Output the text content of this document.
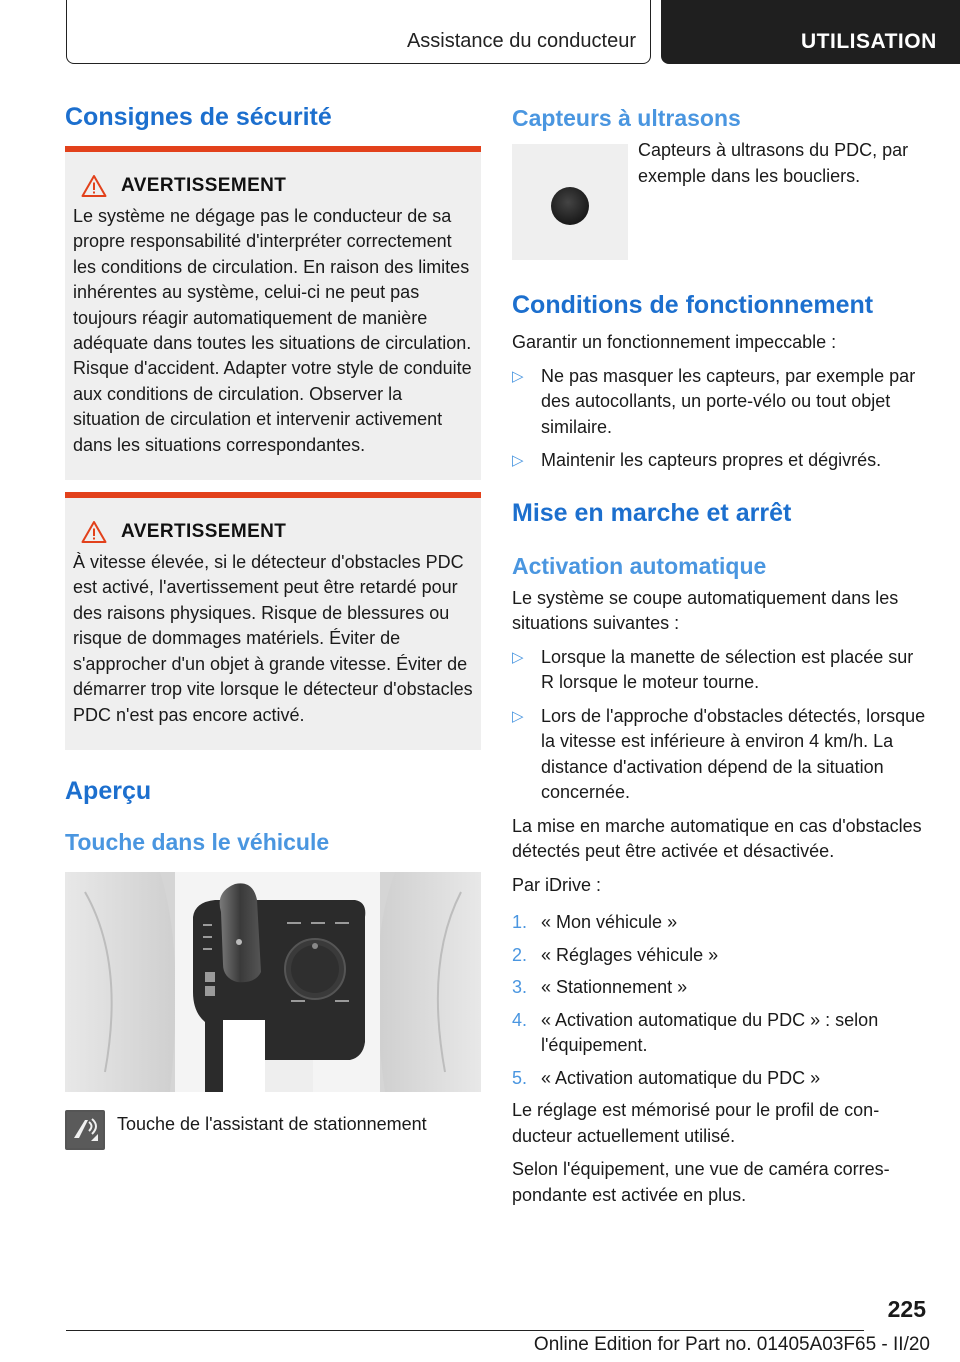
Assistance du conducteur	UTILISATION
Consignes de sécurité
AVERTISSEMENT

Le système ne dégage pas le conducteur de sa propre responsabilité d'interpréter correctement les conditions de circulation. En raison des limites inhérentes au système, celui-ci ne peut pas toujours réagir automatiquement de manière adéquate dans toutes les situations de circulation. Risque d'accident. Adapter votre style de conduite aux conditions de circulation. Observer la situation de circulation et intervenir activement dans les situations correspondantes.

AVERTISSEMENT

À vitesse élevée, si le détecteur d'obstacles PDC est activé, l'avertissement peut être retardé pour des raisons physiques. Risque de blessures ou risque de dommages matériels. Éviter de s'approcher d'un objet à grande vitesse. Éviter de démarrer trop vite lorsque le détecteur d'obstacles PDC n'est pas encore activé.

Aperçu
Touche dans le véhicule
Touche de l'assistant de stationnement
Capteurs à ultrasons

Capteurs à ultrasons du PDC, par exemple dans les boucliers.

Conditions de fonctionnement

Garantir un fonctionnement impeccable :

▷ Ne pas masquer les capteurs, par exemple par des autocollants, un porte-vélo ou tout objet similaire.
▷ Maintenir les capteurs propres et dégivrés.
Mise en marche et arrêt
Activation automatique

Le système se coupe automatiquement dans les situations suivantes :

▷ Lorsque la manette de sélection est placée sur R lorsque le moteur tourne.
▷ Lors de l'approche d'obstacles détectés, lorsque la vitesse est inférieure à environ 4 km/h. La distance d'activation dépend de la situation concernée.

La mise en marche automatique en cas d'obstacles détectés peut être activée et désactivée.

Par iDrive :

1. « Mon véhicule »
2. « Réglages véhicule »
3. « Stationnement »
4. « Activation automatique du PDC » : selon l'équipement.
5. « Activation automatique du PDC »

Le réglage est mémorisé pour le profil de conducteur actuellement utilisé.

Selon l'équipement, une vue de caméra correspondante est activée en plus.

225
Online Edition for Part no. 01405A03F65 - II/20
